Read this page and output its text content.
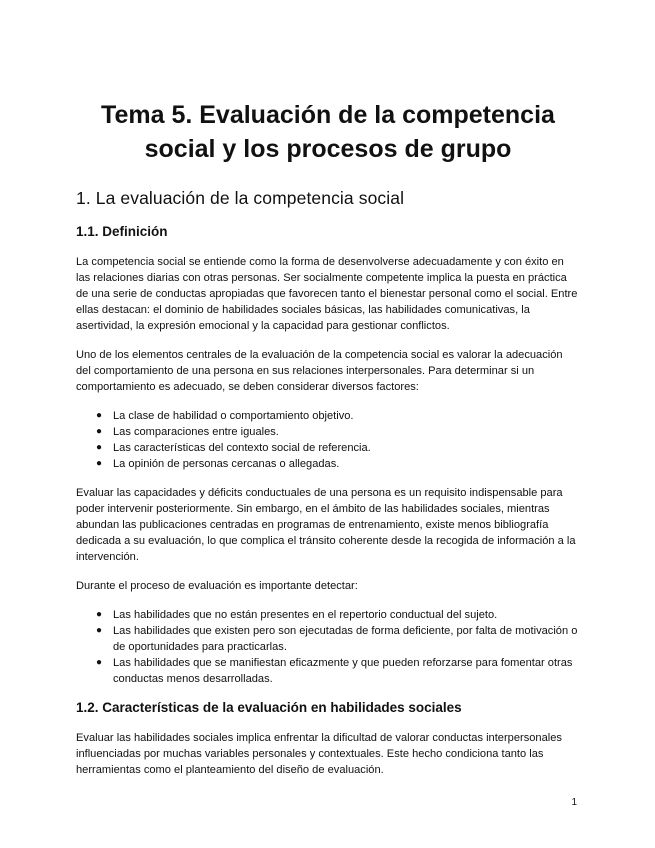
Tema 5. Evaluación de la competencia social y los procesos de grupo
1. La evaluación de la competencia social
1.1. Definición

La competencia social se entiende como la forma de desenvolverse adecuadamente y con éxito en las relaciones diarias con otras personas. Ser socialmente competente implica la puesta en práctica de una serie de conductas apropiadas que favorecen tanto el bienestar personal como el social. Entre ellas destacan: el dominio de habilidades sociales básicas, las habilidades comunicativas, la asertividad, la expresión emocional y la capacidad para gestionar conflictos.

Uno de los elementos centrales de la evaluación de la competencia social es valorar la adecuación del comportamiento de una persona en sus relaciones interpersonales. Para determinar si un comportamiento es adecuado, se deben considerar diversos factores:

● La clase de habilidad o comportamiento objetivo.
● Las comparaciones entre iguales.
● Las características del contexto social de referencia.
● La opinión de personas cercanas o allegadas.

Evaluar las capacidades y déficits conductuales de una persona es un requisito indispensable para poder intervenir posteriormente. Sin embargo, en el ámbito de las habilidades sociales, mientras abundan las publicaciones centradas en programas de entrenamiento, existe menos bibliografía dedicada a su evaluación, lo que complica el tránsito coherente desde la recogida de información a la intervención.

Durante el proceso de evaluación es importante detectar:

● Las habilidades que no están presentes en el repertorio conductual del sujeto.
● Las habilidades que existen pero son ejecutadas de forma deficiente, por falta de motivación o de oportunidades para practicarlas.
● Las habilidades que se manifiestan eficazmente y que pueden reforzarse para fomentar otras conductas menos desarrolladas.
1.2. Características de la evaluación en habilidades sociales

Evaluar las habilidades sociales implica enfrentar la dificultad de valorar conductas interpersonales influenciadas por muchas variables personales y contextuales. Este hecho condiciona tanto las herramientas como el planteamiento del diseño de evaluación.

1
